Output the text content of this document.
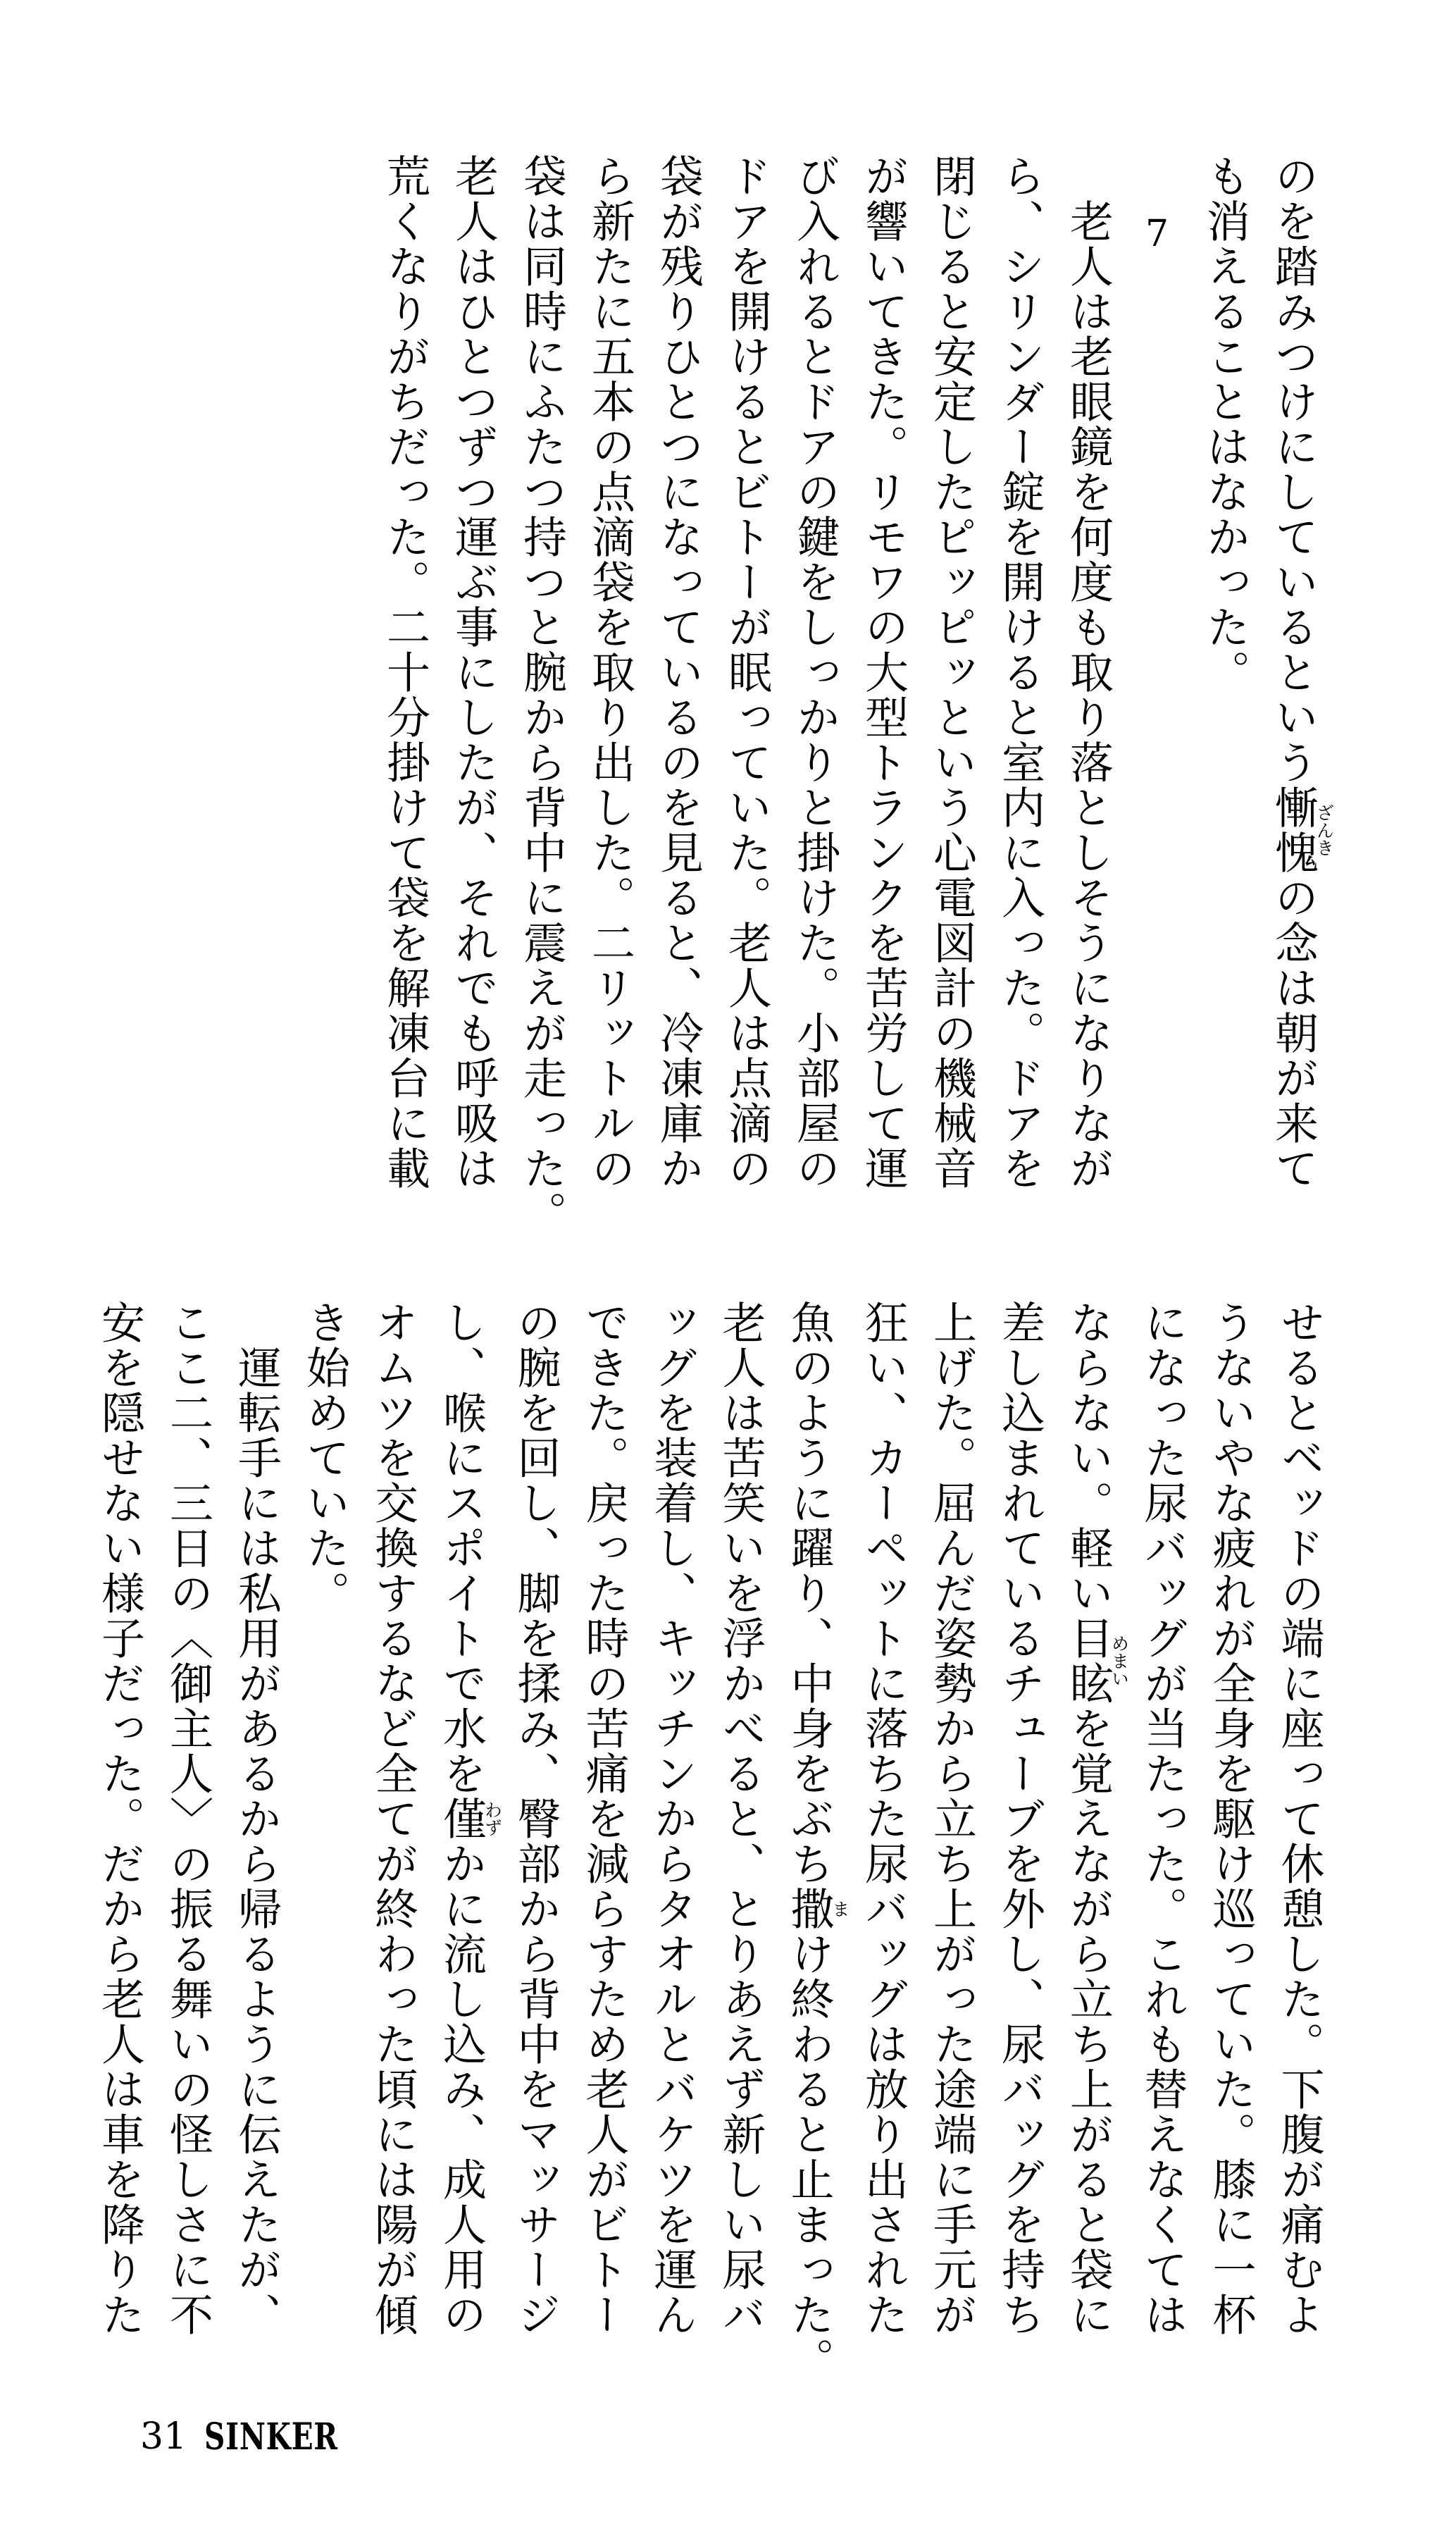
のを踏みつけにしているという慚愧ざんきの念は朝が来て

も消えることはなかった。

7

老人は老眼鏡を何度も取り落としそうになりなが

ら、シリンダー錠を開けると室内に入った。ドアを

閉じると安定したピッピッという心電図計の機械音

が響いてきた。リモワの大型トランクを苦労して運

び入れるとドアの鍵をしっかりと掛けた。小部屋の

ドアを開けるとビトーが眠っていた。老人は点滴の

袋が残りひとつになっているのを見ると、冷凍庫か

ら新たに五本の点滴袋を取り出した。二リットルの

袋は同時にふたつ持つと腕から背中に震えが走った。

老人はひとつずつ運ぶ事にしたが、それでも呼吸は

荒くなりがちだった。二十分掛けて袋を解凍台に載

せるとベッドの端に座って休憩した。下腹が痛むよ

うないやな疲れが全身を駆け巡っていた。膝に一杯

になった尿バッグが当たった。これも替えなくては

ならない。軽い目眩めまいを覚えながら立ち上がると袋に

差し込まれているチューブを外し、尿バッグを持ち

上げた。屈んだ姿勢から立ち上がった途端に手元が

狂い、カーペットに落ちた尿バッグは放り出された

魚のように躍り、中身をぶち撒まけ終わると止まった。

老人は苦笑いを浮かべると、とりあえず新しい尿バ

ッグを装着し、キッチンからタオルとバケツを運ん

できた。戻った時の苦痛を減らすため老人がビトー

の腕を回し、脚を揉み、臀部から背中をマッサージ

し、喉にスポイトで水を僅わずかに流し込み、成人用の

オムツを交換するなど全てが終わった頃には陽が傾

き始めていた。

運転手には私用があるから帰るように伝えたが、

ここ二、三日の〈御主人〉の振る舞いの怪しさに不

安を隠せない様子だった。だから老人は車を降りた

31 SINKER
